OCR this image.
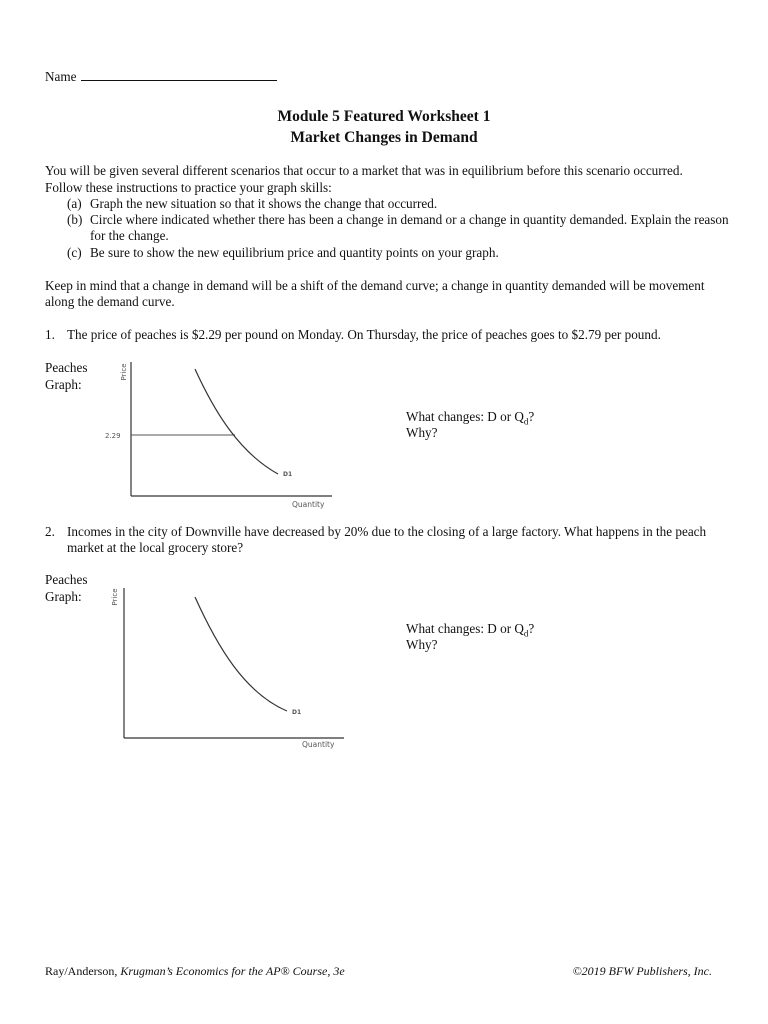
Name
Module 5 Featured Worksheet 1
Market Changes in Demand
You will be given several different scenarios that occur to a market that was in equilibrium before this scenario occurred.
Follow these instructions to practice your graph skills:
(a) Graph the new situation so that it shows the change that occurred.
(b) Circle where indicated whether there has been a change in demand or a change in quantity demanded. Explain the reason for the change.
(c) Be sure to show the new equilibrium price and quantity points on your graph.
Keep in mind that a change in demand will be a shift of the demand curve; a change in quantity demanded will be movement along the demand curve.
1. The price of peaches is $2.29 per pound on Monday. On Thursday, the price of peaches goes to $2.79 per pound.
Peaches
Graph:
Price
2.29
D1
Quantity
What changes: D or $Q_d$?
Why?
2. Incomes in the city of Downville have decreased by 20% due to the closing of a large factory. What happens in the peach market at the local grocery store?
Peaches
Graph:	Price
D1
Quantity
What changes: D or $Q_d$?
Why?
Ray/Anderson, Krugman’s Economics for the AP® Course, 3e	©2019 BFW Publishers, Inc.
